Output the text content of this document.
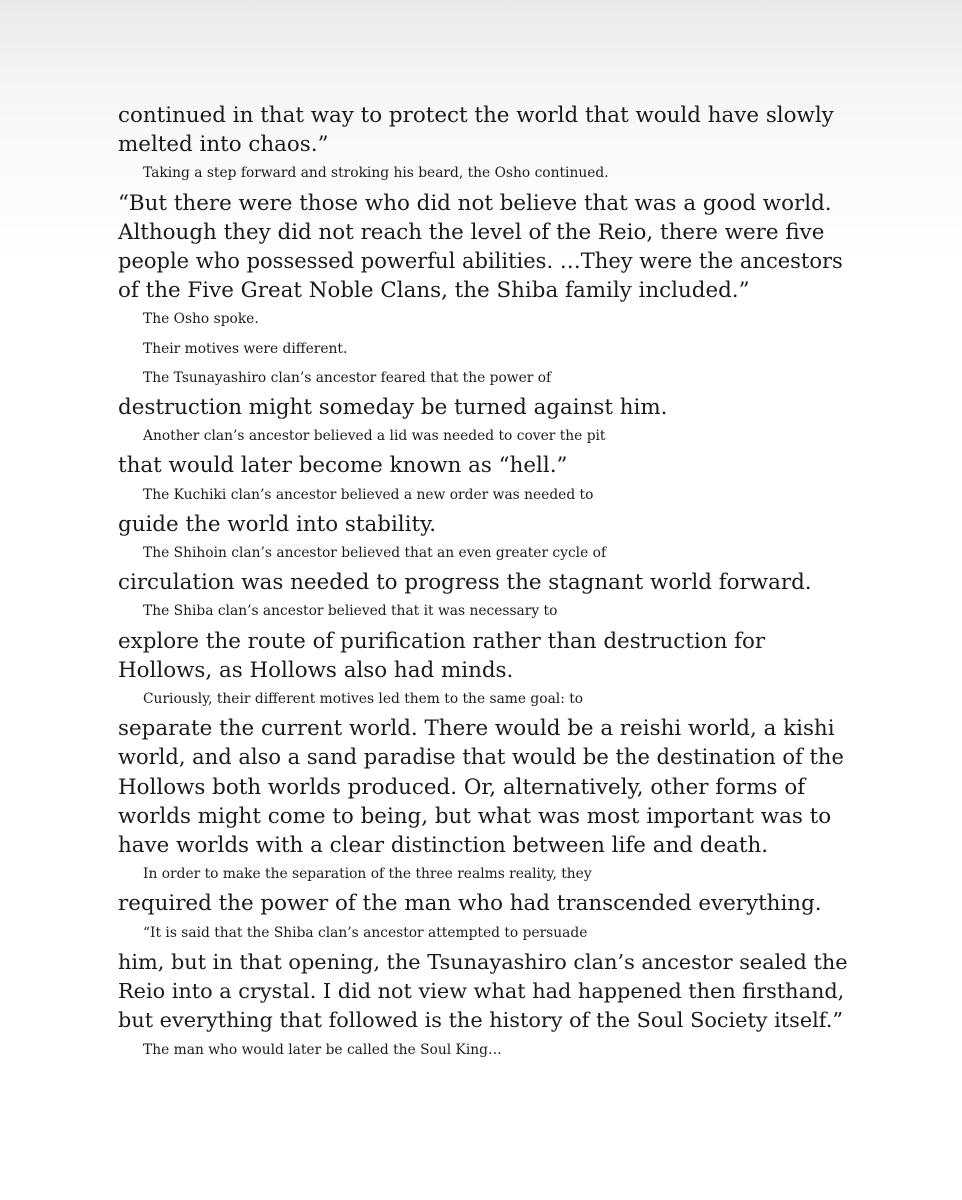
continued in that way to protect the world that would have slowly

melted into chaos.”

Taking a step forward and stroking his beard, the Osho continued.

“But there were those who did not believe that was a good world.

Although they did not reach the level of the Reio, there were five

people who possessed powerful abilities. …They were the ancestors

of the Five Great Noble Clans, the Shiba family included.”

The Osho spoke.

Their motives were different.

The Tsunayashiro clan’s ancestor feared that the power of

destruction might someday be turned against him.

Another clan’s ancestor believed a lid was needed to cover the pit

that would later become known as “hell.”

The Kuchiki clan’s ancestor believed a new order was needed to

guide the world into stability.

The Shihoin clan’s ancestor believed that an even greater cycle of

circulation was needed to progress the stagnant world forward.

The Shiba clan’s ancestor believed that it was necessary to

explore the route of purification rather than destruction for

Hollows, as Hollows also had minds.

Curiously, their different motives led them to the same goal: to

separate the current world. There would be a reishi world, a kishi

world, and also a sand paradise that would be the destination of the

Hollows both worlds produced. Or, alternatively, other forms of

worlds might come to being, but what was most important was to

have worlds with a clear distinction between life and death.

In order to make the separation of the three realms reality, they

required the power of the man who had transcended everything.

“It is said that the Shiba clan’s ancestor attempted to persuade

him, but in that opening, the Tsunayashiro clan’s ancestor sealed the

Reio into a crystal. I did not view what had happened then firsthand,

but everything that followed is the history of the Soul Society itself.”

The man who would later be called the Soul King…
